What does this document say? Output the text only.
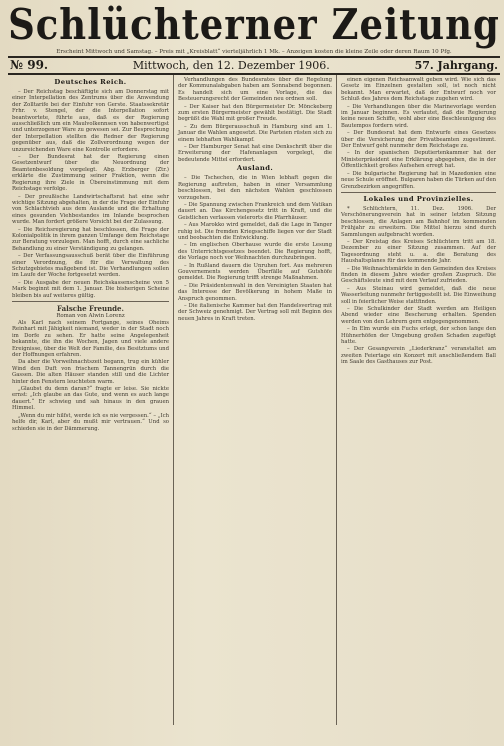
Schlüchterner Zeitung
Erscheint Mittwoch und Samstag. – Preis mit „Kreisblatt“ vierteljährlich 1 Mk. – Anzeigen kosten die kleine Zeile oder deren Raum 10 Pfg.
№ 99.	Mittwoch, den 12. Dezember 1906.	57. Jahrgang.
Deutsches Reich.

– Der Reichstag beschäftigte sich am Donnerstag mit einer Interpellation des Zentrums über die Anwendung der Zolltarife bei der Einfuhr von Gerste. Staatssekretär Frhr. v. Stengel, der die Interpellation sofort beantwortete, führte aus, daß es der Regierung ausschließlich um ein Maulvolkennsen von habenwertigst und unterzogener Ware zu gewesen sei. Zur Besprechung der Interpellation stellten die Redner der Regierung gegenüber aus, daß die Zollverordnung wegen der unzureichenden Ware eine Kontrolle erfordere.

– Der Bundesrat hat der Regierung einen Gesetzentwurf über die Neuordnung der Beamtenbesoldung vorgelegt. Abg. Erzberger (Ztr.) erklärte die Zustimmung seiner Fraktion, wenn die Regierung ihre Ziele in Übereinstimmung mit dem Reichstage verfolge.

– Der preußische Landwirtschaftsrat hat eine sehr wichtige Sitzung abgehalten, in der die Frage der Einfuhr von Schlachtvieh aus dem Auslande und die Erhaltung eines gesunden Viehbestandes im Inlande besprochen wurde. Man fordert größere Vorsicht bei der Zulassung.

– Die Reichsregierung hat beschlossen, die Frage der Kolonialpolitik in ihrem ganzen Umfange dem Reichstage zur Beratung vorzulegen. Man hofft, durch eine sachliche Behandlung zu einer Verständigung zu gelangen.

– Der Verfassungsausschuß berät über die Einführung einer Verordnung, die für die Verwaltung des Schutzgebietes maßgebend ist. Die Verhandlungen sollen im Laufe der Woche fortgesetzt werden.

– Die Ausgabe der neuen Reichskassenscheine von 5 Mark beginnt mit dem 1. Januar. Die bisherigen Scheine bleiben bis auf weiteres gültig.

Falsche Freunde.
Roman von Alwin Lorenz

Als Karl nach seinem Fortgange, seines Oheims Reinhart mit Jähigkeit niemand, weder in der Stadt noch im Dorfe zu sehen. Er hatte seine Angelegenheit bekannte, die ihn die Wochen, Jagen und viele andere Ereignisse, über die Welt der Familie, des Besitztums und der Hoffnungen erfahren.

Da aber die Vorweihnachtszeit begann, trug ein kühler Wind den Duft von frischem Tannengrün durch die Gassen. Die alten Häuser standen still und die Lichter hinter den Fenstern leuchteten warm.

„Glaubst du denn daran?“ fragte er leise. Sie nickte ernst: „Ich glaube an das Gute, und wenn es auch lange dauert.“ Er schwieg und sah hinaus in den grauen Himmel.

„Wenn du mir hilfst, werde ich es nie vergessen.“ – „Ich helfe dir, Karl, aber du mußt mir vertrauen.“ Und so schieden sie in der Dämmerung.

Verhandlungen des Bundesrates über die Regelung der Kommunalabgaben haben am Sonnabend begonnen. Es handelt sich um eine Vorlage, die das Besteuerungsrecht der Gemeinden neu ordnen soll.

– Der Kaiser hat den Bürgermeister Dr. Mönckeberg zum ersten Bürgermeister gewählt bestätigt. Die Stadt begrüßt die Wahl mit großer Freude.

– Zu dem Bürgerausschuß in Hamburg sind am 1. Januar die Wahlen angesetzt. Die Parteien rüsten sich zu einem lebhaften Wahlkampf.

– Der Hamburger Senat hat eine Denkschrift über die Erweiterung der Hafenanlagen vorgelegt, die bedeutende Mittel erfordert.

Ausland.

– Die Tschechen, die in Wien lebhaft gegen die Regierung auftreten, haben in einer Versammlung beschlossen, bei den nächsten Wahlen geschlossen vorzugehen.

– Die Spannung zwischen Frankreich und dem Vatikan dauert an. Das Kirchengesetz tritt in Kraft, und die Geistlichen verlassen vielerorts die Pfarrhäuser.

– Aus Marokko wird gemeldet, daß die Lage in Tanger ruhig ist. Die fremden Kriegsschiffe liegen vor der Stadt und beobachten die Entwicklung.

– Im englischen Oberhause wurde die erste Lesung des Unterrichtsgesetzes beendet. Die Regierung hofft, die Vorlage noch vor Weihnachten durchzubringen.

– In Rußland dauern die Unruhen fort. Aus mehreren Gouvernements werden Überfälle auf Gutshöfe gemeldet. Die Regierung trifft strenge Maßnahmen.

– Die Präsidentenwahl in den Vereinigten Staaten hat das Interesse der Bevölkerung in hohem Maße in Anspruch genommen.

– Die italienische Kammer hat den Handelsvertrag mit der Schweiz genehmigt. Der Vertrag soll mit Beginn des neuen Jahres in Kraft treten.

einen eigenen Reichsanwalt geben wird. Wie sich das Gesetz im Einzelnen gestalten soll, ist noch nicht bekannt. Man erwartet, daß der Entwurf noch vor Schluß des Jahres dem Reichstage zugehen wird.

– Die Verhandlungen über die Marinevorlage werden im Januar beginnen. Es verlautet, daß die Regierung keine neuen Schiffe, wohl aber eine Beschleunigung des Bautempos fordern wird.

– Der Bundesrat hat dem Entwurfe eines Gesetzes über die Versicherung der Privatbeamten zugestimmt. Der Entwurf geht nunmehr dem Reichstage zu.

– In der spanischen Deputiertenkammer hat der Ministerpräsident eine Erklärung abgegeben, die in der Öffentlichkeit großes Aufsehen erregt hat.

– Die bulgarische Regierung hat in Mazedonien eine neue Schule eröffnet. Bulgaren haben die Türken auf den Grenzbezirken angegriffen.

Lokales und Provinzielles.

* Schlüchtern, 11. Dez. 1906. Der Verschönerungsverein hat in seiner letzten Sitzung beschlossen, die Anlagen am Bahnhof im kommenden Frühjahr zu erweitern. Die Mittel hierzu sind durch Sammlungen aufgebracht worden.

– Der Kreistag des Kreises Schlüchtern tritt am 18. Dezember zu einer Sitzung zusammen. Auf der Tagesordnung steht u. a. die Beratung des Haushaltsplanes für das kommende Jahr.

– Die Weihnachtsmärkte in den Gemeinden des Kreises finden in diesem Jahre wieder großen Zuspruch. Die Geschäftsleute sind mit dem Verlauf zufrieden.

– Aus Steinau wird gemeldet, daß die neue Wasserleitung nunmehr fertiggestellt ist. Die Einweihung soll in feierlicher Weise stattfinden.

– Die Schulkinder der Stadt werden am Heiligen Abend wieder eine Bescherung erhalten. Spenden werden von den Lehrern gern entgegengenommen.

– In Elm wurde ein Fuchs erlegt, der schon lange den Hühnerhöfen der Umgebung großen Schaden zugefügt hatte.

– Der Gesangverein „Liederkranz“ veranstaltet am zweiten Feiertage ein Konzert mit anschließendem Ball im Saale des Gasthauses zur Post.
